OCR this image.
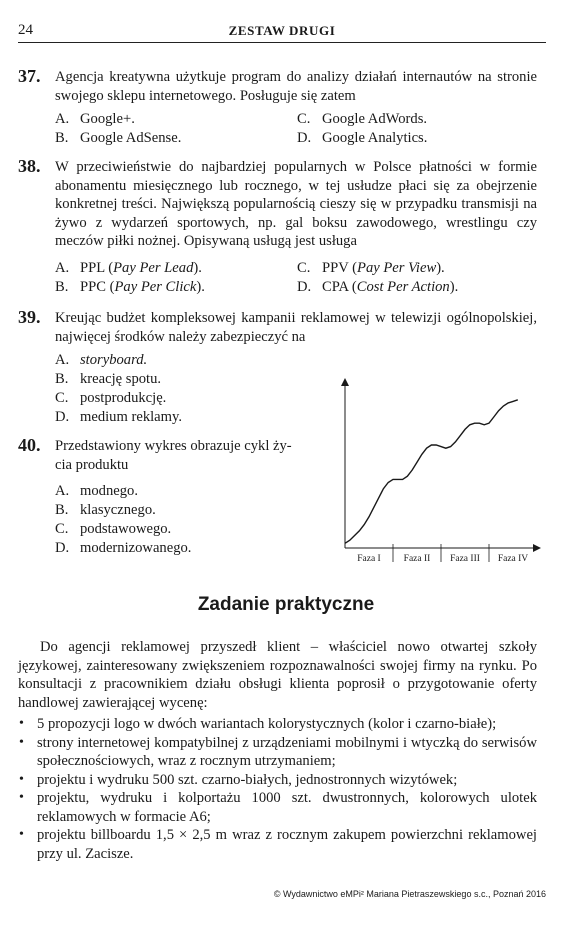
24	ZESTAW DRUGI
37. Agencja kreatywna użytkuje program do analizy działań internautów na stronie swojego sklepu internetowego. Posługuje się zatem
A. Google+.
B. Google AdSense.
C. Google AdWords.
D. Google Analytics.
38. W przeciwieństwie do najbardziej popularnych w Polsce płatności w formie abonamentu miesięcznego lub rocznego, w tej usłudze płaci się za obejrzenie konkretnej treści. Największą popularnością cieszy się w przypadku transmisji na żywo z wydarzeń sportowych, np. gal boksu zawodowego, wrestlingu czy meczów piłki nożnej. Opisywaną usługą jest usługa
A. PPL (Pay Per Lead).
B. PPC (Pay Per Click).
C. PPV (Pay Per View).
D. CPA (Cost Per Action).
39. Kreując budżet kompleksowej kampanii reklamowej w telewizji ogólnopolskiej, najwięcej środków należy zabezpieczyć na
A. storyboard.
B. kreację spotu.
C. postprodukcję.
D. medium reklamy.
40. Przedstawiony wykres obrazuje cykl ży-
cia produktu
A. modnego.
B. klasycznego.
C. podstawowego.
D. modernizowanego.
Faza I Faza II Faza III Faza IV
Zadanie praktyczne
Do agencji reklamowej przyszedł klient – właściciel nowo otwartej szkoły językowej, zainteresowany zwiększeniem rozpoznawalności swojej firmy na rynku. Po konsultacji z pracownikiem działu obsługi klienta poprosił o przygotowanie oferty handlowej zawierającej wycenę:
• 5 propozycji logo w dwóch wariantach kolorystycznych (kolor i czarno-białe);
• strony internetowej kompatybilnej z urządzeniami mobilnymi i wtyczką do serwisów społecznościowych, wraz z rocznym utrzymaniem;
• projektu i wydruku 500 szt. czarno-białych, jednostronnych wizytówek;
• projektu, wydruku i kolportażu 1000 szt. dwustronnych, kolorowych ulotek reklamowych w formacie A6;
• projektu billboardu 1,5 × 2,5 m wraz z rocznym zakupem powierzchni reklamowej przy ul. Zacisze.
© Wydawnictwo eMPi² Mariana Pietraszewskiego s.c., Poznań 2016
